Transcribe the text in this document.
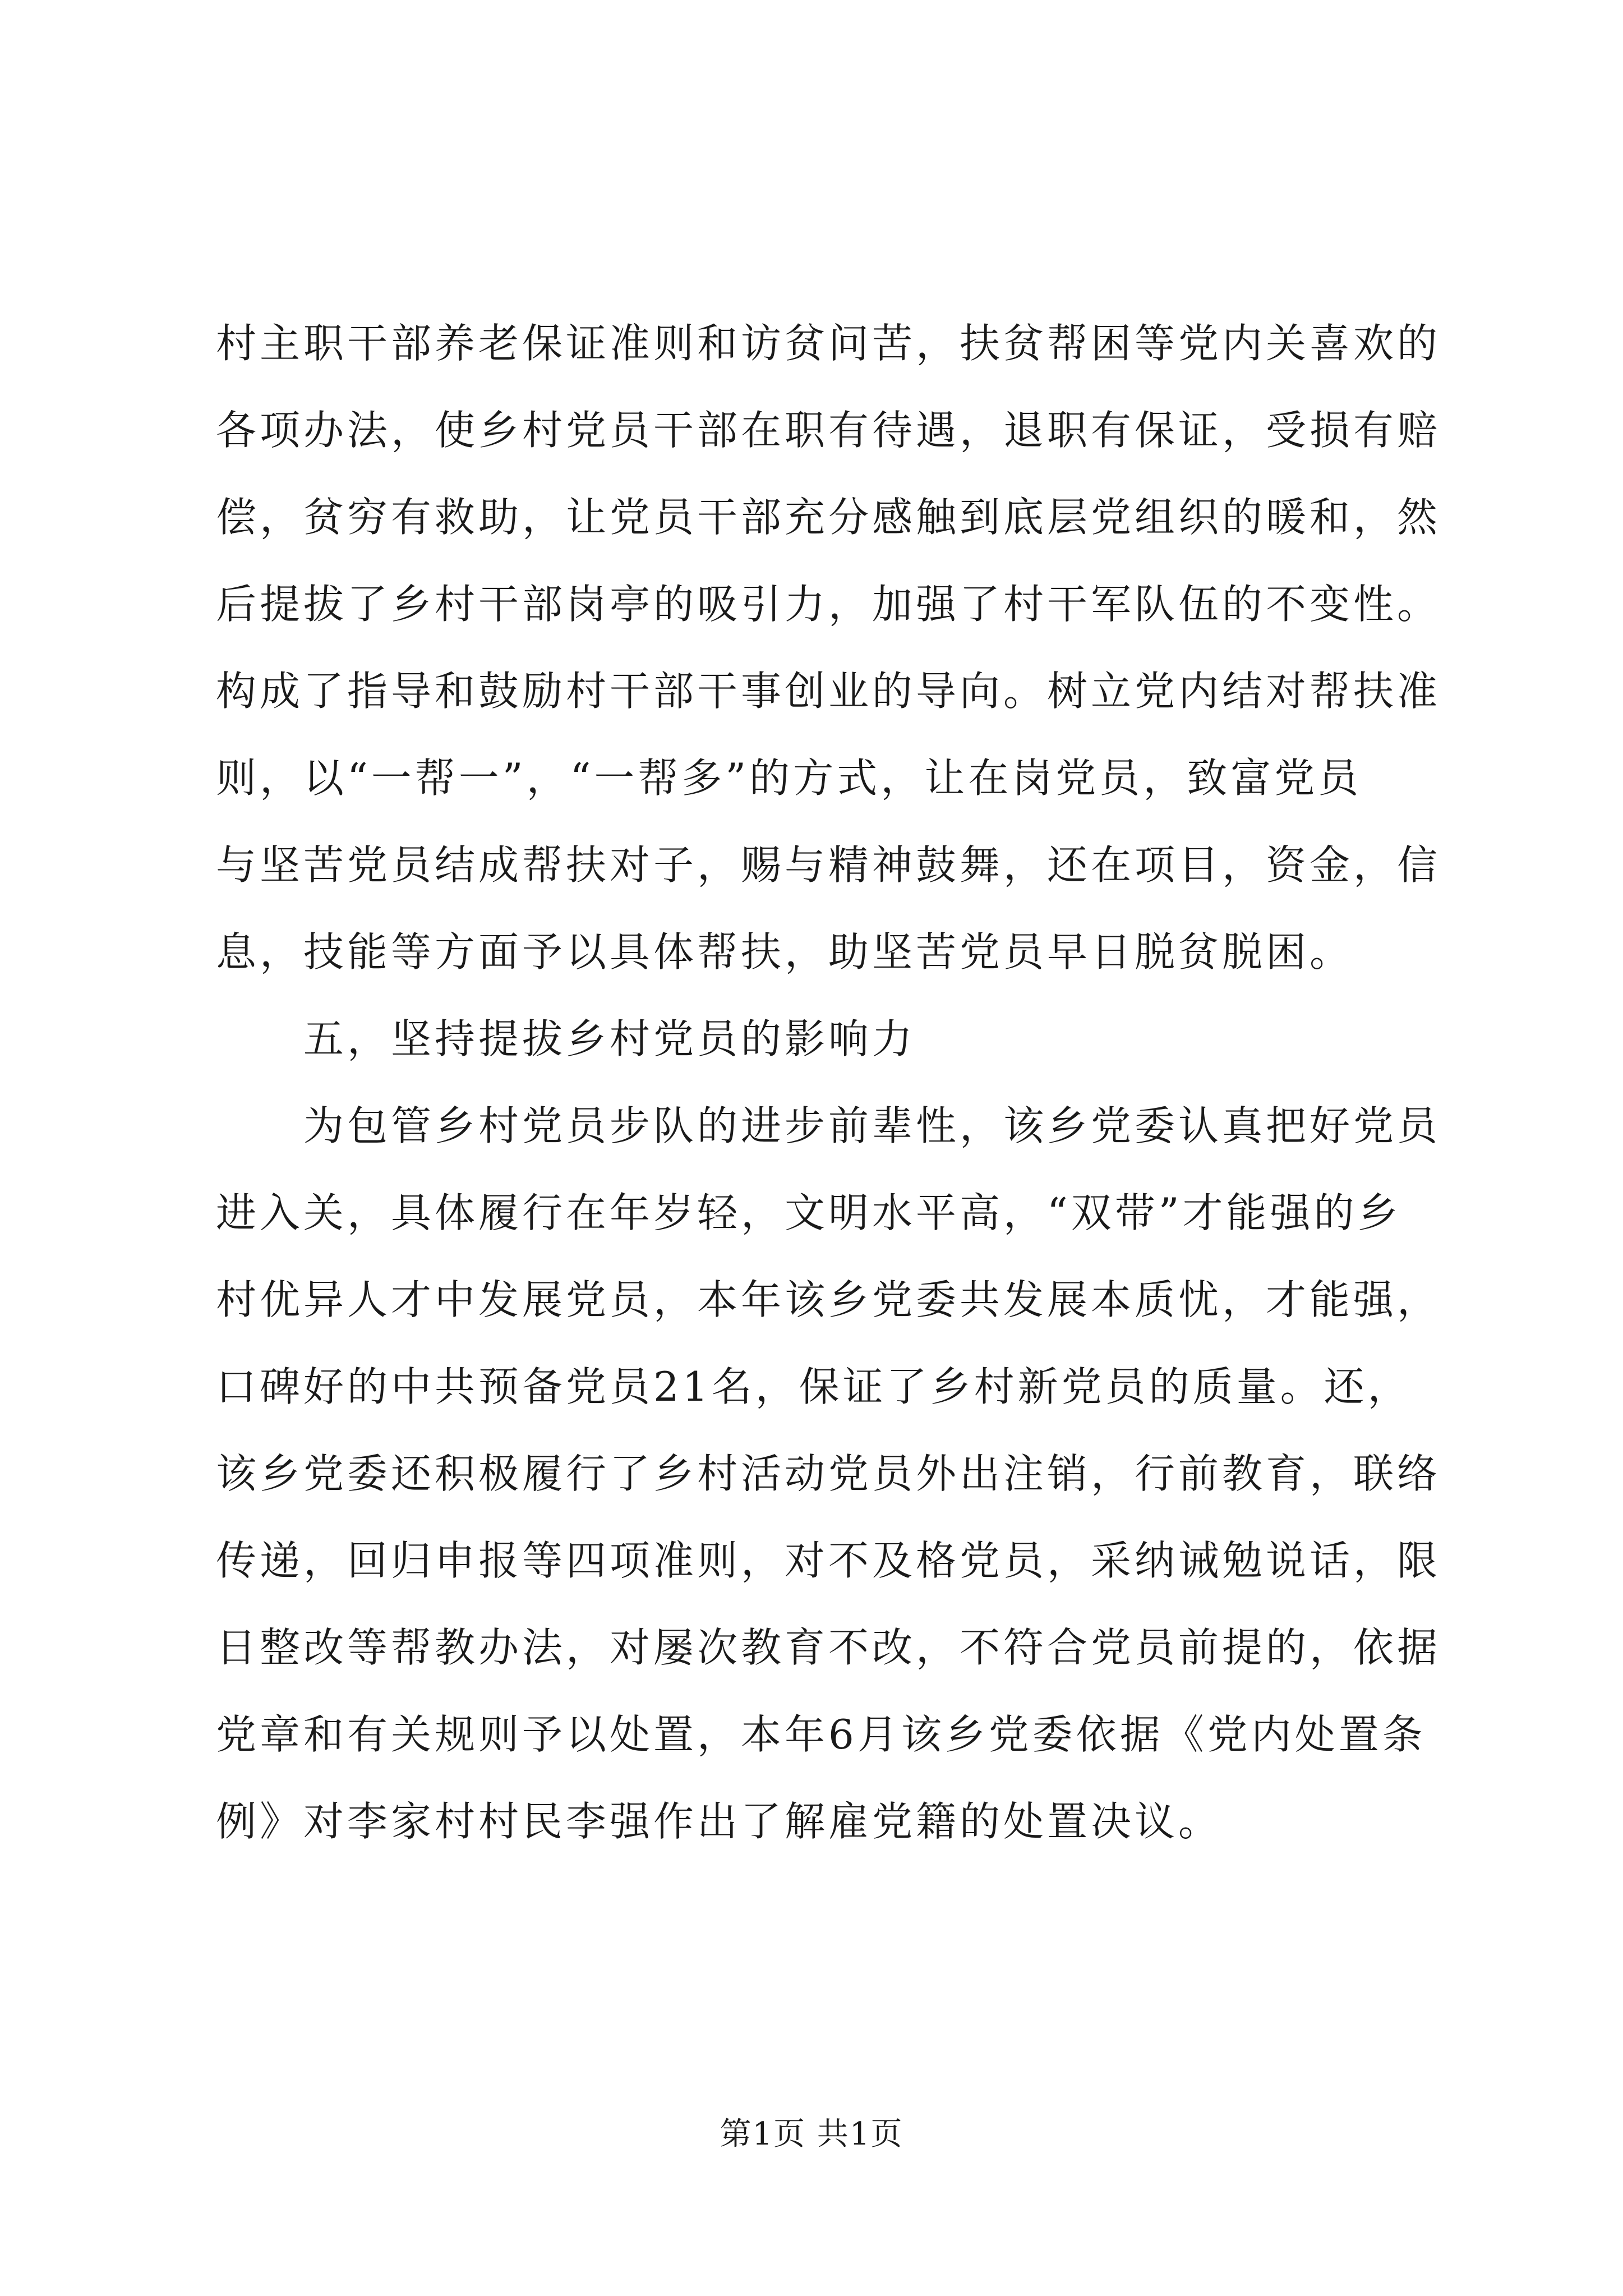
村主职干部养老保证准则和访贫问苦，扶贫帮困等党内关喜欢的
各项办法，使乡村党员干部在职有待遇，退职有保证，受损有赔
偿，贫穷有救助，让党员干部充分感触到底层党组织的暖和，然
后提拔了乡村干部岗亭的吸引力，加强了村干军队伍的不变性。
构成了指导和鼓励村干部干事创业的导向。树立党内结对帮扶准
则，以“一帮一”，“一帮多”的方式，让在岗党员，致富党员
与坚苦党员结成帮扶对子，赐与精神鼓舞，还在项目，资金，信
息，技能等方面予以具体帮扶，助坚苦党员早日脱贫脱困。
　　五，坚持提拔乡村党员的影响力
　　为包管乡村党员步队的进步前辈性，该乡党委认真把好党员
进入关，具体履行在年岁轻，文明水平高，“双带”才能强的乡
村优异人才中发展党员，本年该乡党委共发展本质忧，才能强，
口碑好的中共预备党员21名，保证了乡村新党员的质量。还，
该乡党委还积极履行了乡村活动党员外出注销，行前教育，联络
传递，回归申报等四项准则，对不及格党员，采纳诫勉说话，限
日整改等帮教办法，对屡次教育不改，不符合党员前提的，依据
党章和有关规则予以处置，本年6月该乡党委依据《党内处置条
例》对李家村村民李强作出了解雇党籍的处置决议。
第1页 共1页
